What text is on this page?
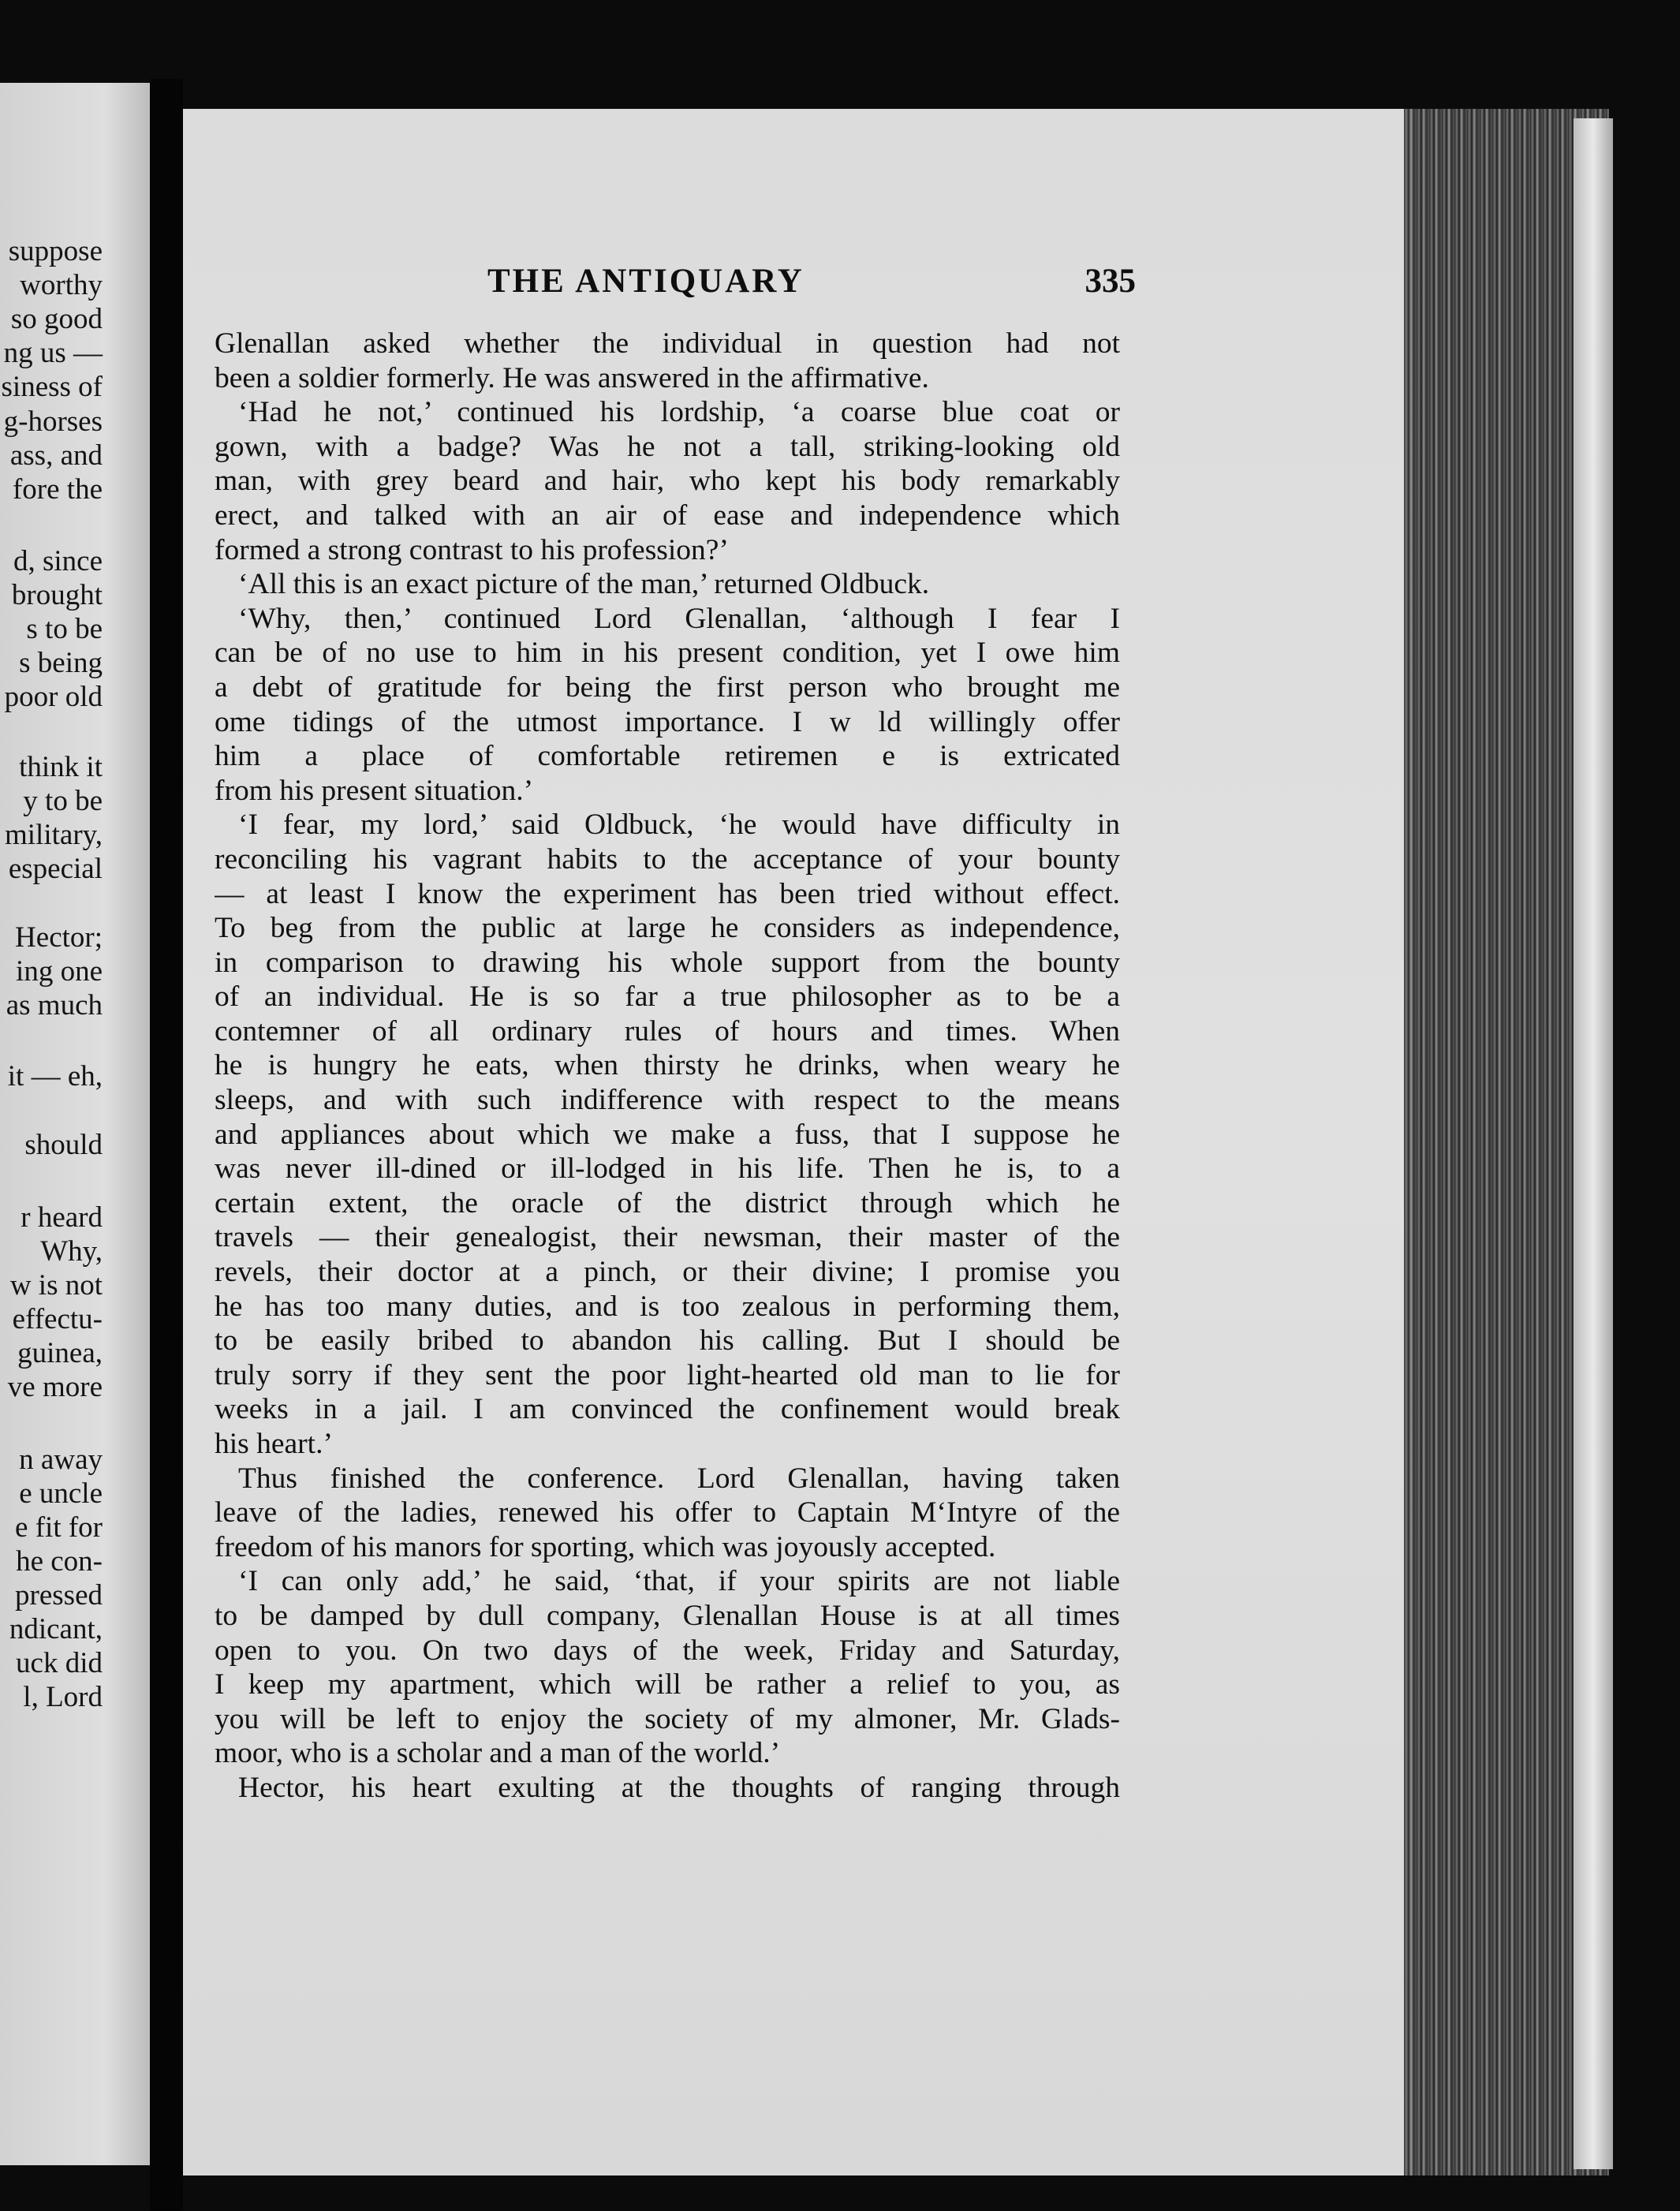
suppose
worthy
so good
ng us —
siness of
g-horses
ass, and
fore the
d, since
brought
s to be
s being
poor old
think it
y to be
military,
especial
Hector;
ing one
as much
it — eh,
should
r heard
Why,
w is not
effectu-
guinea,
ve more
n away
e uncle
e fit for
he con-
pressed
ndicant,
uck did
l, Lord
THE ANTIQUARY	335
Glenallan asked whether the individual in question had not
been a soldier formerly. He was answered in the affirmative.
‘Had he not,’ continued his lordship, ‘a coarse blue coat or
gown, with a badge? Was he not a tall, striking-looking old
man, with grey beard and hair, who kept his body remarkably
erect, and talked with an air of ease and independence which
formed a strong contrast to his profession?’
‘All this is an exact picture of the man,’ returned Oldbuck.
‘Why, then,’ continued Lord Glenallan, ‘although I fear I
can be of no use to him in his present condition, yet I owe him
a debt of gratitude for being the first person who brought me
ome tidings of the utmost importance. I w ld willingly offer
him a place of comfortable retiremen e is extricated
from his present situation.’
‘I fear, my lord,’ said Oldbuck, ‘he would have difficulty in
reconciling his vagrant habits to the acceptance of your bounty
— at least I know the experiment has been tried without effect.
To beg from the public at large he considers as independence,
in comparison to drawing his whole support from the bounty
of an individual. He is so far a true philosopher as to be a
contemner of all ordinary rules of hours and times. When
he is hungry he eats, when thirsty he drinks, when weary he
sleeps, and with such indifference with respect to the means
and appliances about which we make a fuss, that I suppose he
was never ill-dined or ill-lodged in his life. Then he is, to a
certain extent, the oracle of the district through which he
travels — their genealogist, their newsman, their master of the
revels, their doctor at a pinch, or their divine; I promise you
he has too many duties, and is too zealous in performing them,
to be easily bribed to abandon his calling. But I should be
truly sorry if they sent the poor light-hearted old man to lie for
weeks in a jail. I am convinced the confinement would break
his heart.’
Thus finished the conference. Lord Glenallan, having taken
leave of the ladies, renewed his offer to Captain M‘Intyre of the
freedom of his manors for sporting, which was joyously accepted.
‘I can only add,’ he said, ‘that, if your spirits are not liable
to be damped by dull company, Glenallan House is at all times
open to you. On two days of the week, Friday and Saturday,
I keep my apartment, which will be rather a relief to you, as
you will be left to enjoy the society of my almoner, Mr. Glads-
moor, who is a scholar and a man of the world.’
Hector, his heart exulting at the thoughts of ranging through
